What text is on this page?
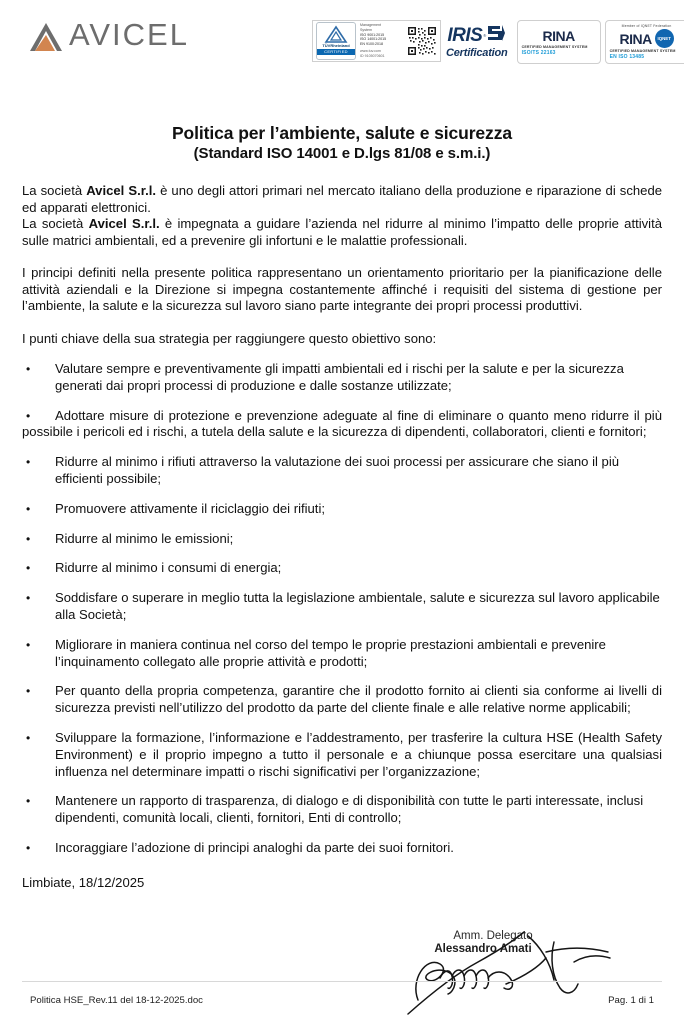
AVICEL	TÜVRheinland
CERTIFIED
Management
System
ISO 9001:2015
ISO 14001:2015
EN 9100:2018
www.tuv.com
ID 9105070601
IRIS ®
Certification
RINA
CERTIFIED MANAGEMENT SYSTEM
ISO/TS 22163
Member of IQNET Federation
RINA IQNET
CERTIFIED MANAGEMENT SYSTEM
EN ISO 13485
Politica per l’ambiente, salute e sicurezza
(Standard ISO 14001 e D.lgs 81/08 e s.m.i.)

La società Avicel S.r.l. è uno degli attori primari nel mercato italiano della produzione e riparazione di schede ed apparati elettronici.

La società Avicel S.r.l. è impegnata a guidare l’azienda nel ridurre al minimo l’impatto delle proprie attività sulle matrici ambientali, ed a prevenire gli infortuni e le malattie professionali.

I principi definiti nella presente politica rappresentano un orientamento prioritario per la pianificazione delle attività aziendali e la Direzione si impegna costantemente affinché i requisiti del sistema di gestione per l’ambiente, la salute e la sicurezza sul lavoro siano parte integrante dei propri processi produttivi.

I punti chiave della sua strategia per raggiungere questo obiettivo sono:

•	Valutare sempre e preventivamente gli impatti ambientali ed i rischi per la salute e per la sicurezza generati dai propri processi di produzione e dalle sostanze utilizzate;
•	Adottare misure di protezione e prevenzione adeguate al fine di eliminare o quanto meno ridurre il più possibile i pericoli ed i rischi, a tutela della salute e la sicurezza di dipendenti, collaboratori, clienti e fornitori;
•	Ridurre al minimo i rifiuti attraverso la valutazione dei suoi processi per assicurare che siano il più efficienti possibile;
•	Promuovere attivamente il riciclaggio dei rifiuti;
•	Ridurre al minimo le emissioni;
•	Ridurre al minimo i consumi di energia;
•	Soddisfare o superare in meglio tutta la legislazione ambientale, salute e sicurezza sul lavoro applicabile alla Società;
•	Migliorare in maniera continua nel corso del tempo le proprie prestazioni ambientali e prevenire l’inquinamento collegato alle proprie attività e prodotti;
•	Per quanto della propria competenza, garantire che il prodotto fornito ai clienti sia conforme ai livelli di sicurezza previsti nell’utilizzo del prodotto da parte del cliente finale e alle relative norme applicabili;
•	Sviluppare la formazione, l’informazione e l’addestramento, per trasferire la cultura HSE (Health Safety Environment) e il proprio impegno a tutto il personale e a chiunque possa esercitare una qualsiasi influenza nel determinare impatti o rischi significativi per l’organizzazione;
•	Mantenere un rapporto di trasparenza, di dialogo e di disponibilità con tutte le parti interessate, inclusi dipendenti, comunità locali, clienti, fornitori, Enti di controllo;
•	Incoraggiare l’adozione di principi analoghi da parte dei suoi fornitori.
Limbiate, 18/12/2025
Amm. Delegato
Alessandro Amati
Politica HSE_Rev.11 del 18-12-2025.doc	Pag. 1 di 1
